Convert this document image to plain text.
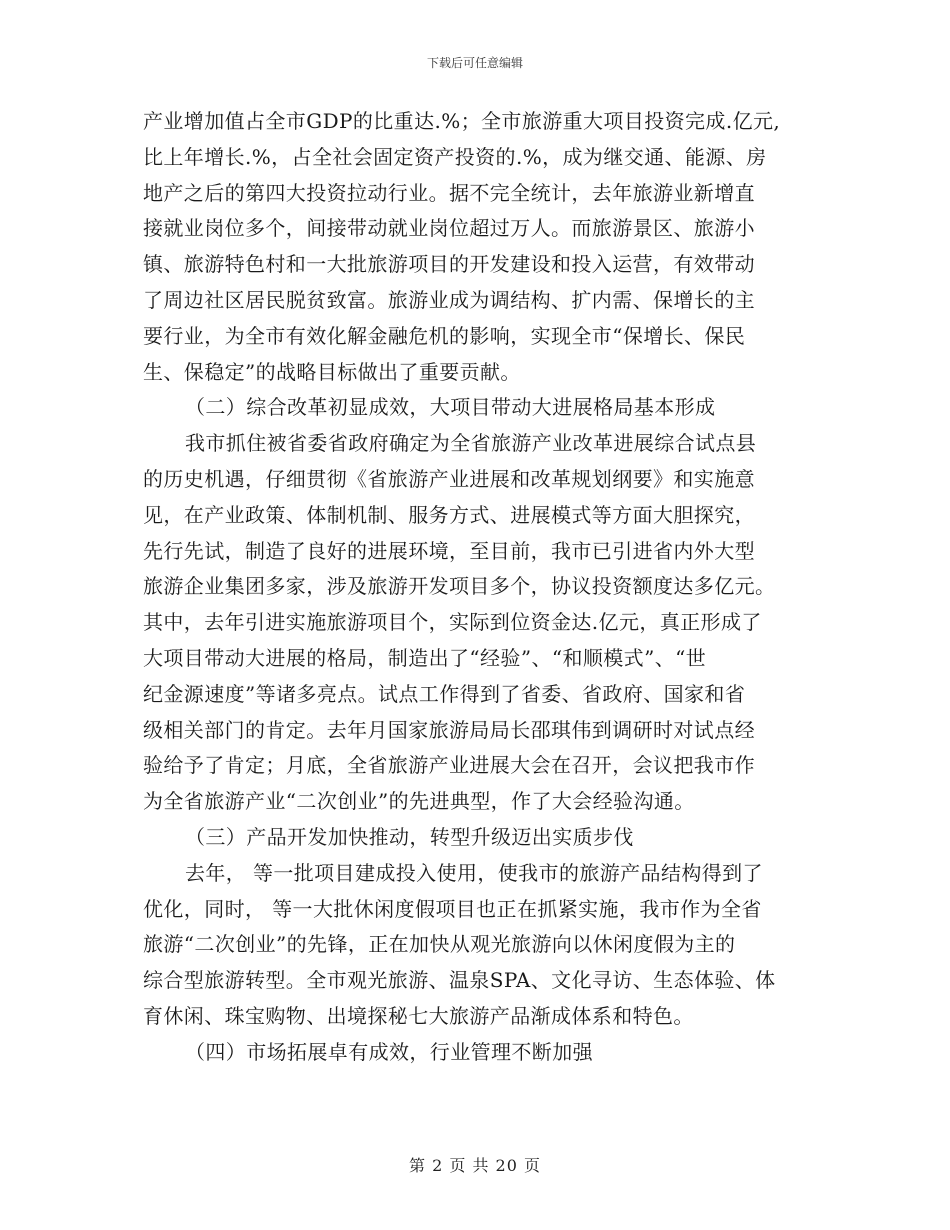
下载后可任意编辑
产业增加值占全市GDP的比重达.%；全市旅游重大项目投资完成.亿元,
比上年增长.%，占全社会固定资产投资的.%，成为继交通、能源、房
地产之后的第四大投资拉动行业。据不完全统计，去年旅游业新增直
接就业岗位多个，间接带动就业岗位超过万人。而旅游景区、旅游小
镇、旅游特色村和一大批旅游项目的开发建设和投入运营，有效带动
了周边社区居民脱贫致富。旅游业成为调结构、扩内需、保增长的主
要行业，为全市有效化解金融危机的影响，实现全市“保增长、保民
生、保稳定”的战略目标做出了重要贡献。
（二）综合改革初显成效，大项目带动大进展格局基本形成
我市抓住被省委省政府确定为全省旅游产业改革进展综合试点县
的历史机遇，仔细贯彻《省旅游产业进展和改革规划纲要》和实施意
见，在产业政策、体制机制、服务方式、进展模式等方面大胆探究，
先行先试，制造了良好的进展环境，至目前，我市已引进省内外大型
旅游企业集团多家，涉及旅游开发项目多个，协议投资额度达多亿元。
其中，去年引进实施旅游项目个，实际到位资金达.亿元，真正形成了
大项目带动大进展的格局，制造出了“经验”、“和顺模式”、“世
纪金源速度”等诸多亮点。试点工作得到了省委、省政府、国家和省
级相关部门的肯定。去年月国家旅游局局长邵琪伟到调研时对试点经
验给予了肯定；月底，全省旅游产业进展大会在召开，会议把我市作
为全省旅游产业“二次创业”的先进典型，作了大会经验沟通。
（三）产品开发加快推动，转型升级迈出实质步伐
去年， 等一批项目建成投入使用，使我市的旅游产品结构得到了
优化，同时， 等一大批休闲度假项目也正在抓紧实施，我市作为全省
旅游“二次创业”的先锋，正在加快从观光旅游向以休闲度假为主的
综合型旅游转型。全市观光旅游、温泉SPA、文化寻访、生态体验、体
育休闲、珠宝购物、出境探秘七大旅游产品渐成体系和特色。
（四）市场拓展卓有成效，行业管理不断加强
第 2 页 共 20 页
